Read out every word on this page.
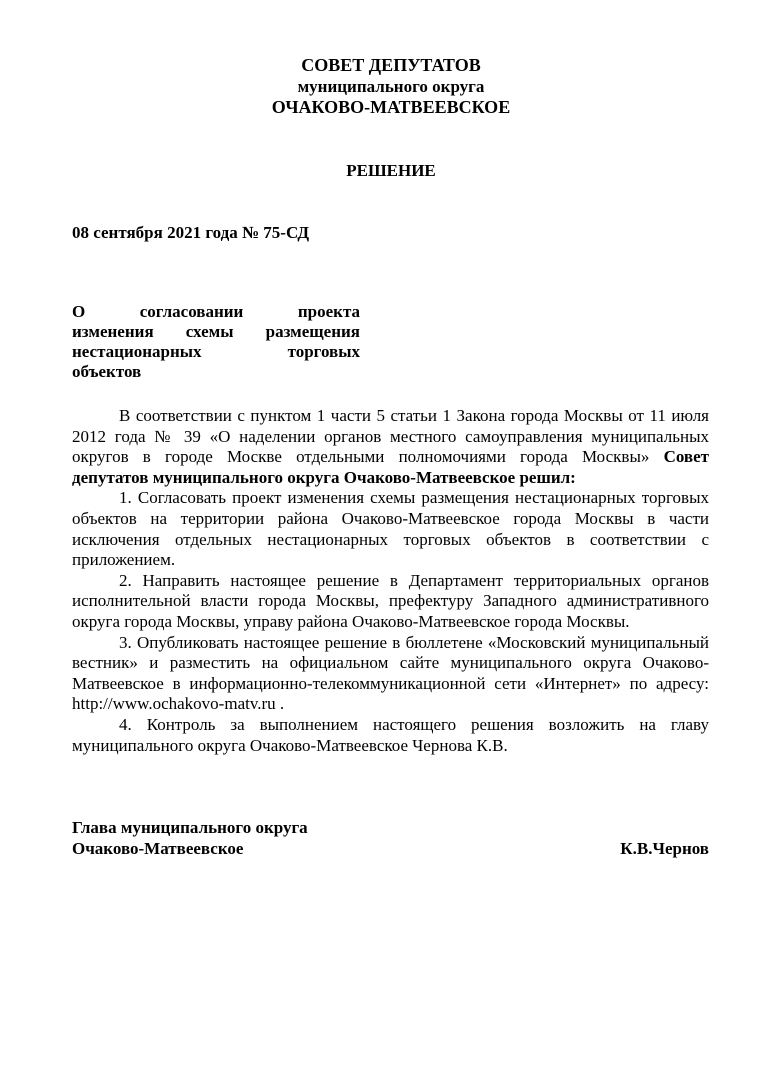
СОВЕТ ДЕПУТАТОВ
муниципального округа
ОЧАКОВО-МАТВЕЕВСКОЕ
РЕШЕНИЕ
08 сентября 2021 года № 75-СД
О согласовании проекта
изменения схемы размещения
нестационарных торговых
объектов

В соответствии с пунктом 1 части 5 статьи 1 Закона города Москвы от 11 июля 2012 года № 39 «О наделении органов местного самоуправления муниципальных округов в городе Москве отдельными полномочиями города Москвы» Совет депутатов муниципального округа Очаково-Матвеевское решил:

1. Согласовать проект изменения схемы размещения нестационарных торговых объектов на территории района Очаково-Матвеевское города Москвы в части исключения отдельных нестационарных торговых объектов в соответствии с приложением.

2. Направить настоящее решение в Департамент территориальных органов исполнительной власти города Москвы, префектуру Западного административного округа города Москвы, управу района Очаково-Матвеевское города Москвы.

3. Опубликовать настоящее решение в бюллетене «Московский муниципальный вестник» и разместить на официальном сайте муниципального округа Очаково-Матвеевское в информационно-телекоммуникационной сети «Интернет» по адресу: http://www.ochakovo-matv.ru .

4. Контроль за выполнением настоящего решения возложить на главу муниципального округа Очаково-Матвеевское Чернова К.В.

Глава муниципального округа
Очаково-Матвеевское	К.В.Чернов
